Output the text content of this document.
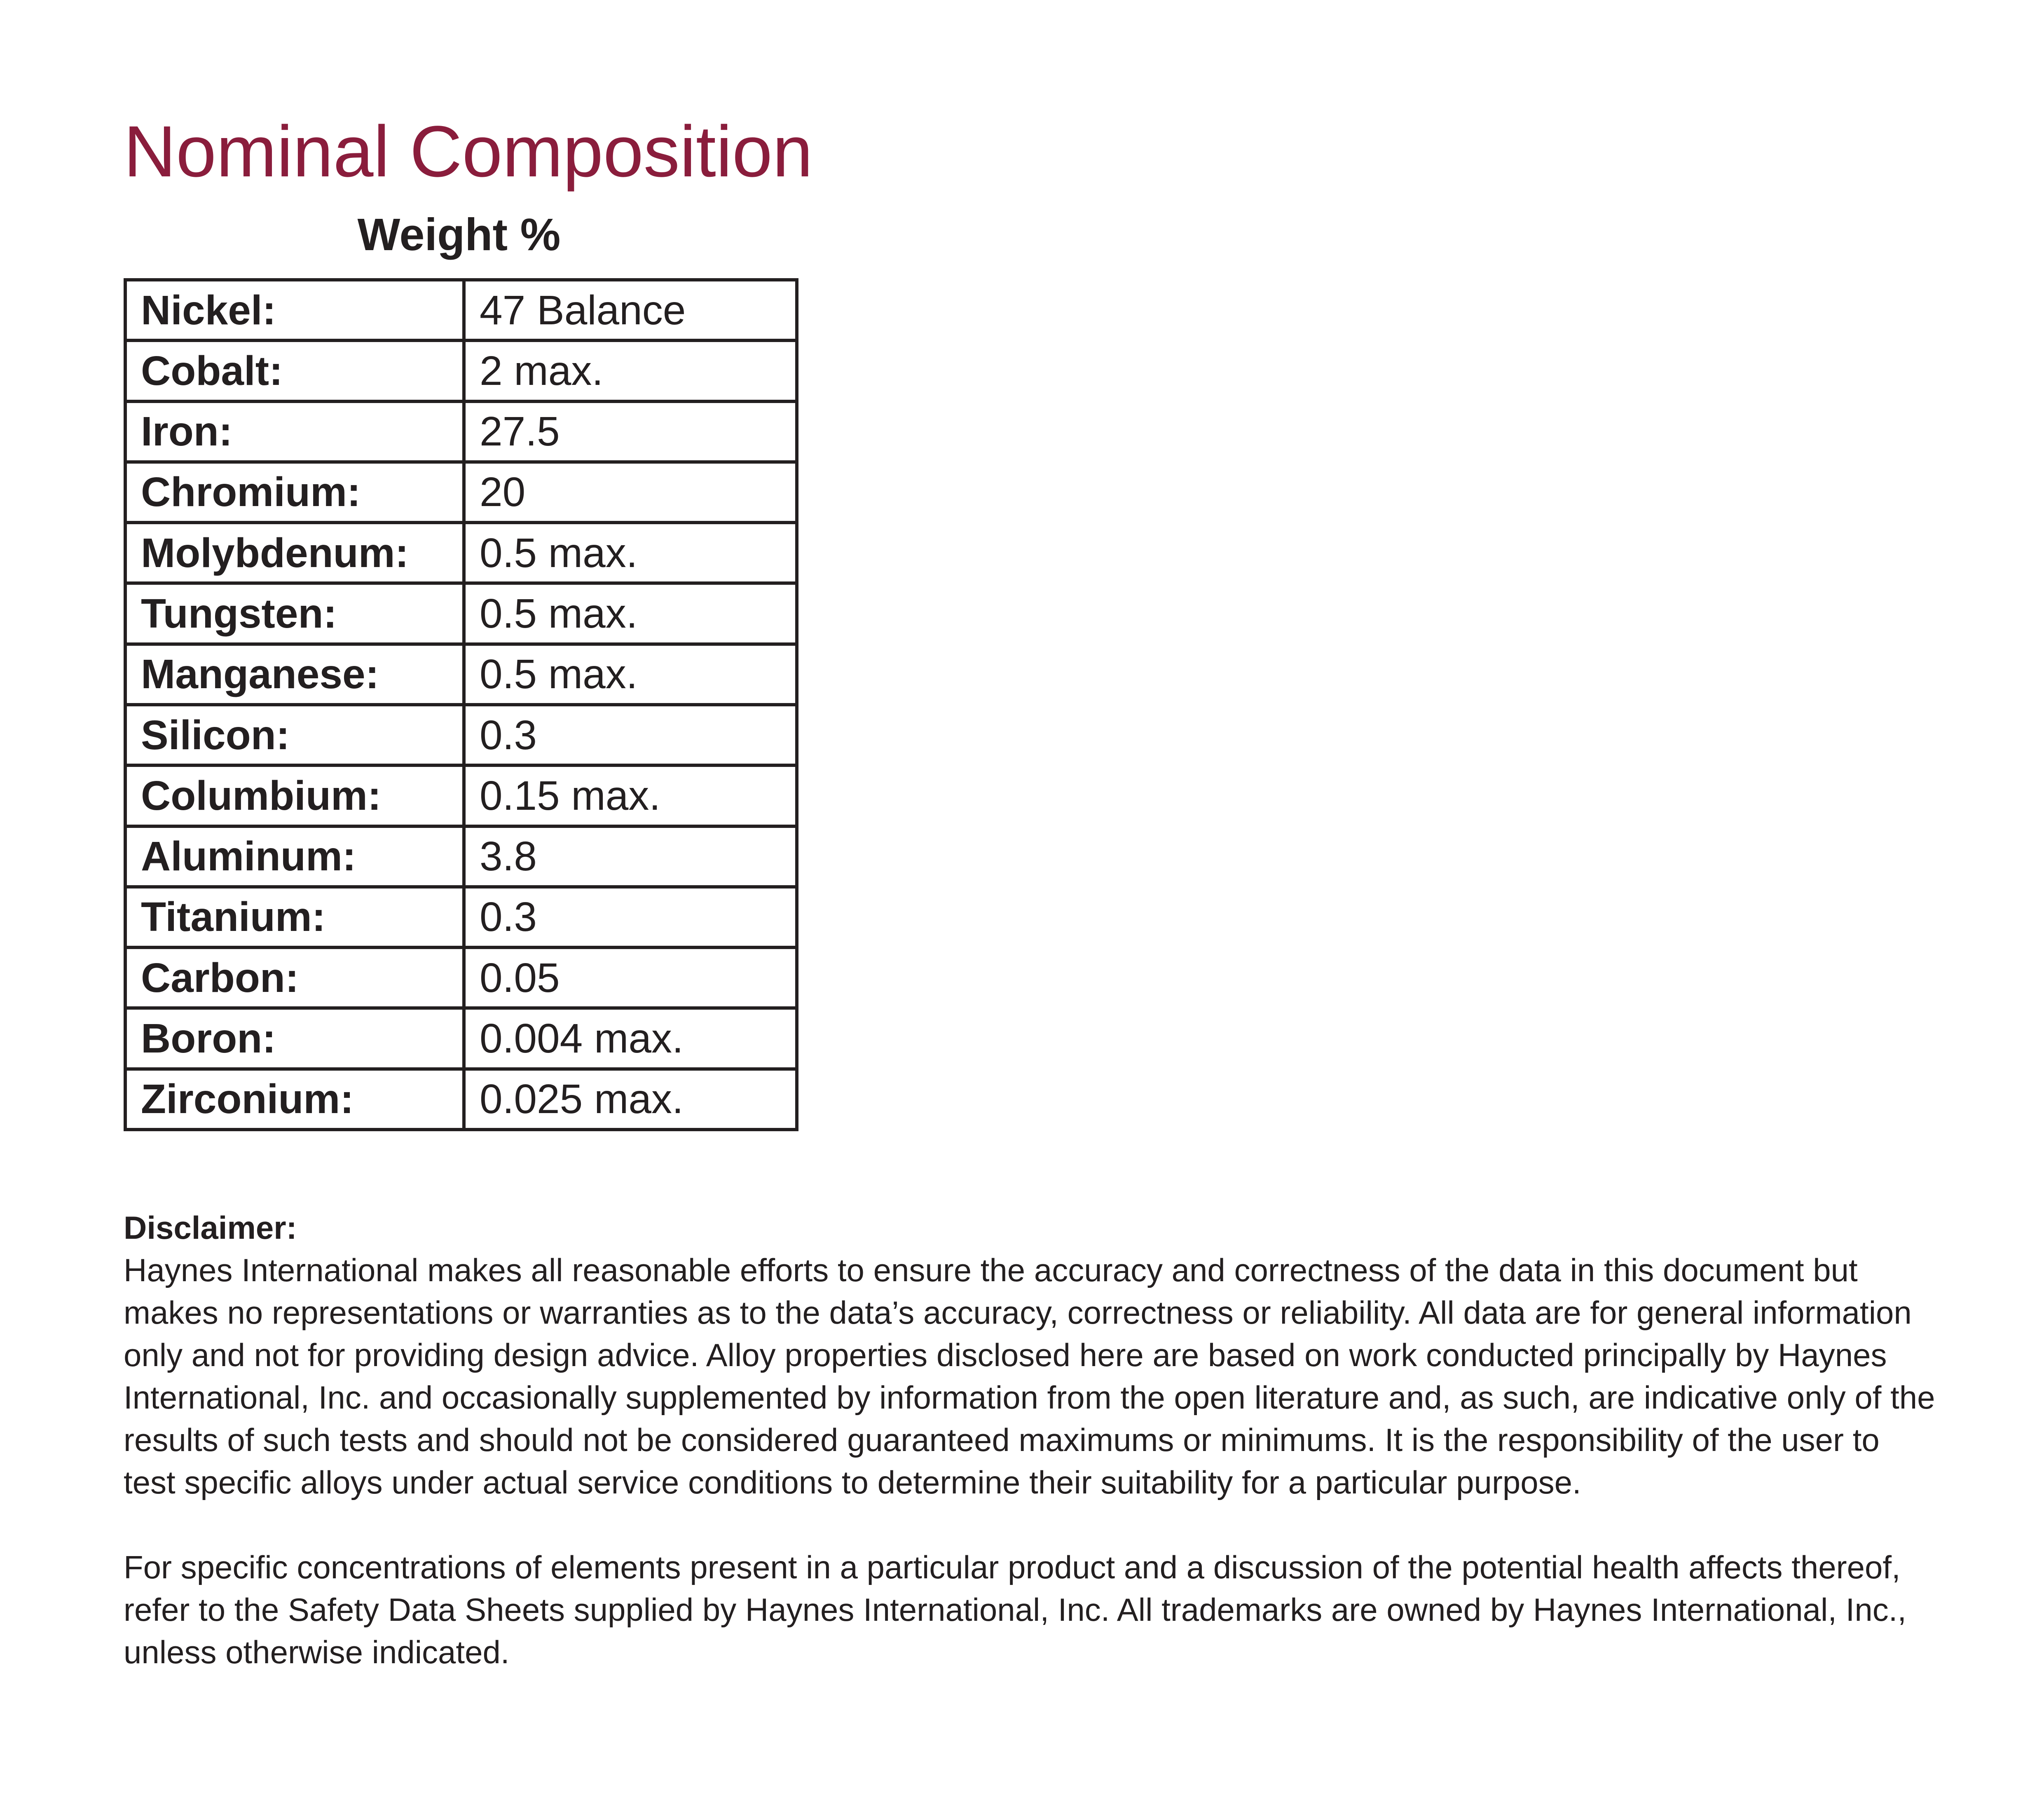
Nominal Composition
Weight %
Nickel:	47 Balance
Cobalt:	2 max.
Iron:	27.5
Chromium:	20
Molybdenum:	0.5 max.
Tungsten:	0.5 max.
Manganese:	0.5 max.
Silicon:	0.3
Columbium:	0.15 max.
Aluminum:	3.8
Titanium:	0.3
Carbon:	0.05
Boron:	0.004 max.
Zirconium:	0.025 max.

Disclaimer:

Haynes International makes all reasonable efforts to ensure the accuracy and correctness of the data in this document but makes no representations or warranties as to the data’s accuracy, correctness or reliability. All data are for general information only and not for providing design advice. Alloy properties disclosed here are based on work conducted principally by Haynes International, Inc. and occasionally supplemented by information from the open literature and, as such, are indicative only of the results of such tests and should not be considered guaranteed maximums or minimums. It is the responsibility of the user to test specific alloys under actual service conditions to determine their suitability for a particular purpose.

For specific concentrations of elements present in a particular product and a discussion of the potential health affects thereof, refer to the Safety Data Sheets supplied by Haynes International, Inc. All trademarks are owned by Haynes International, Inc., unless otherwise indicated.
